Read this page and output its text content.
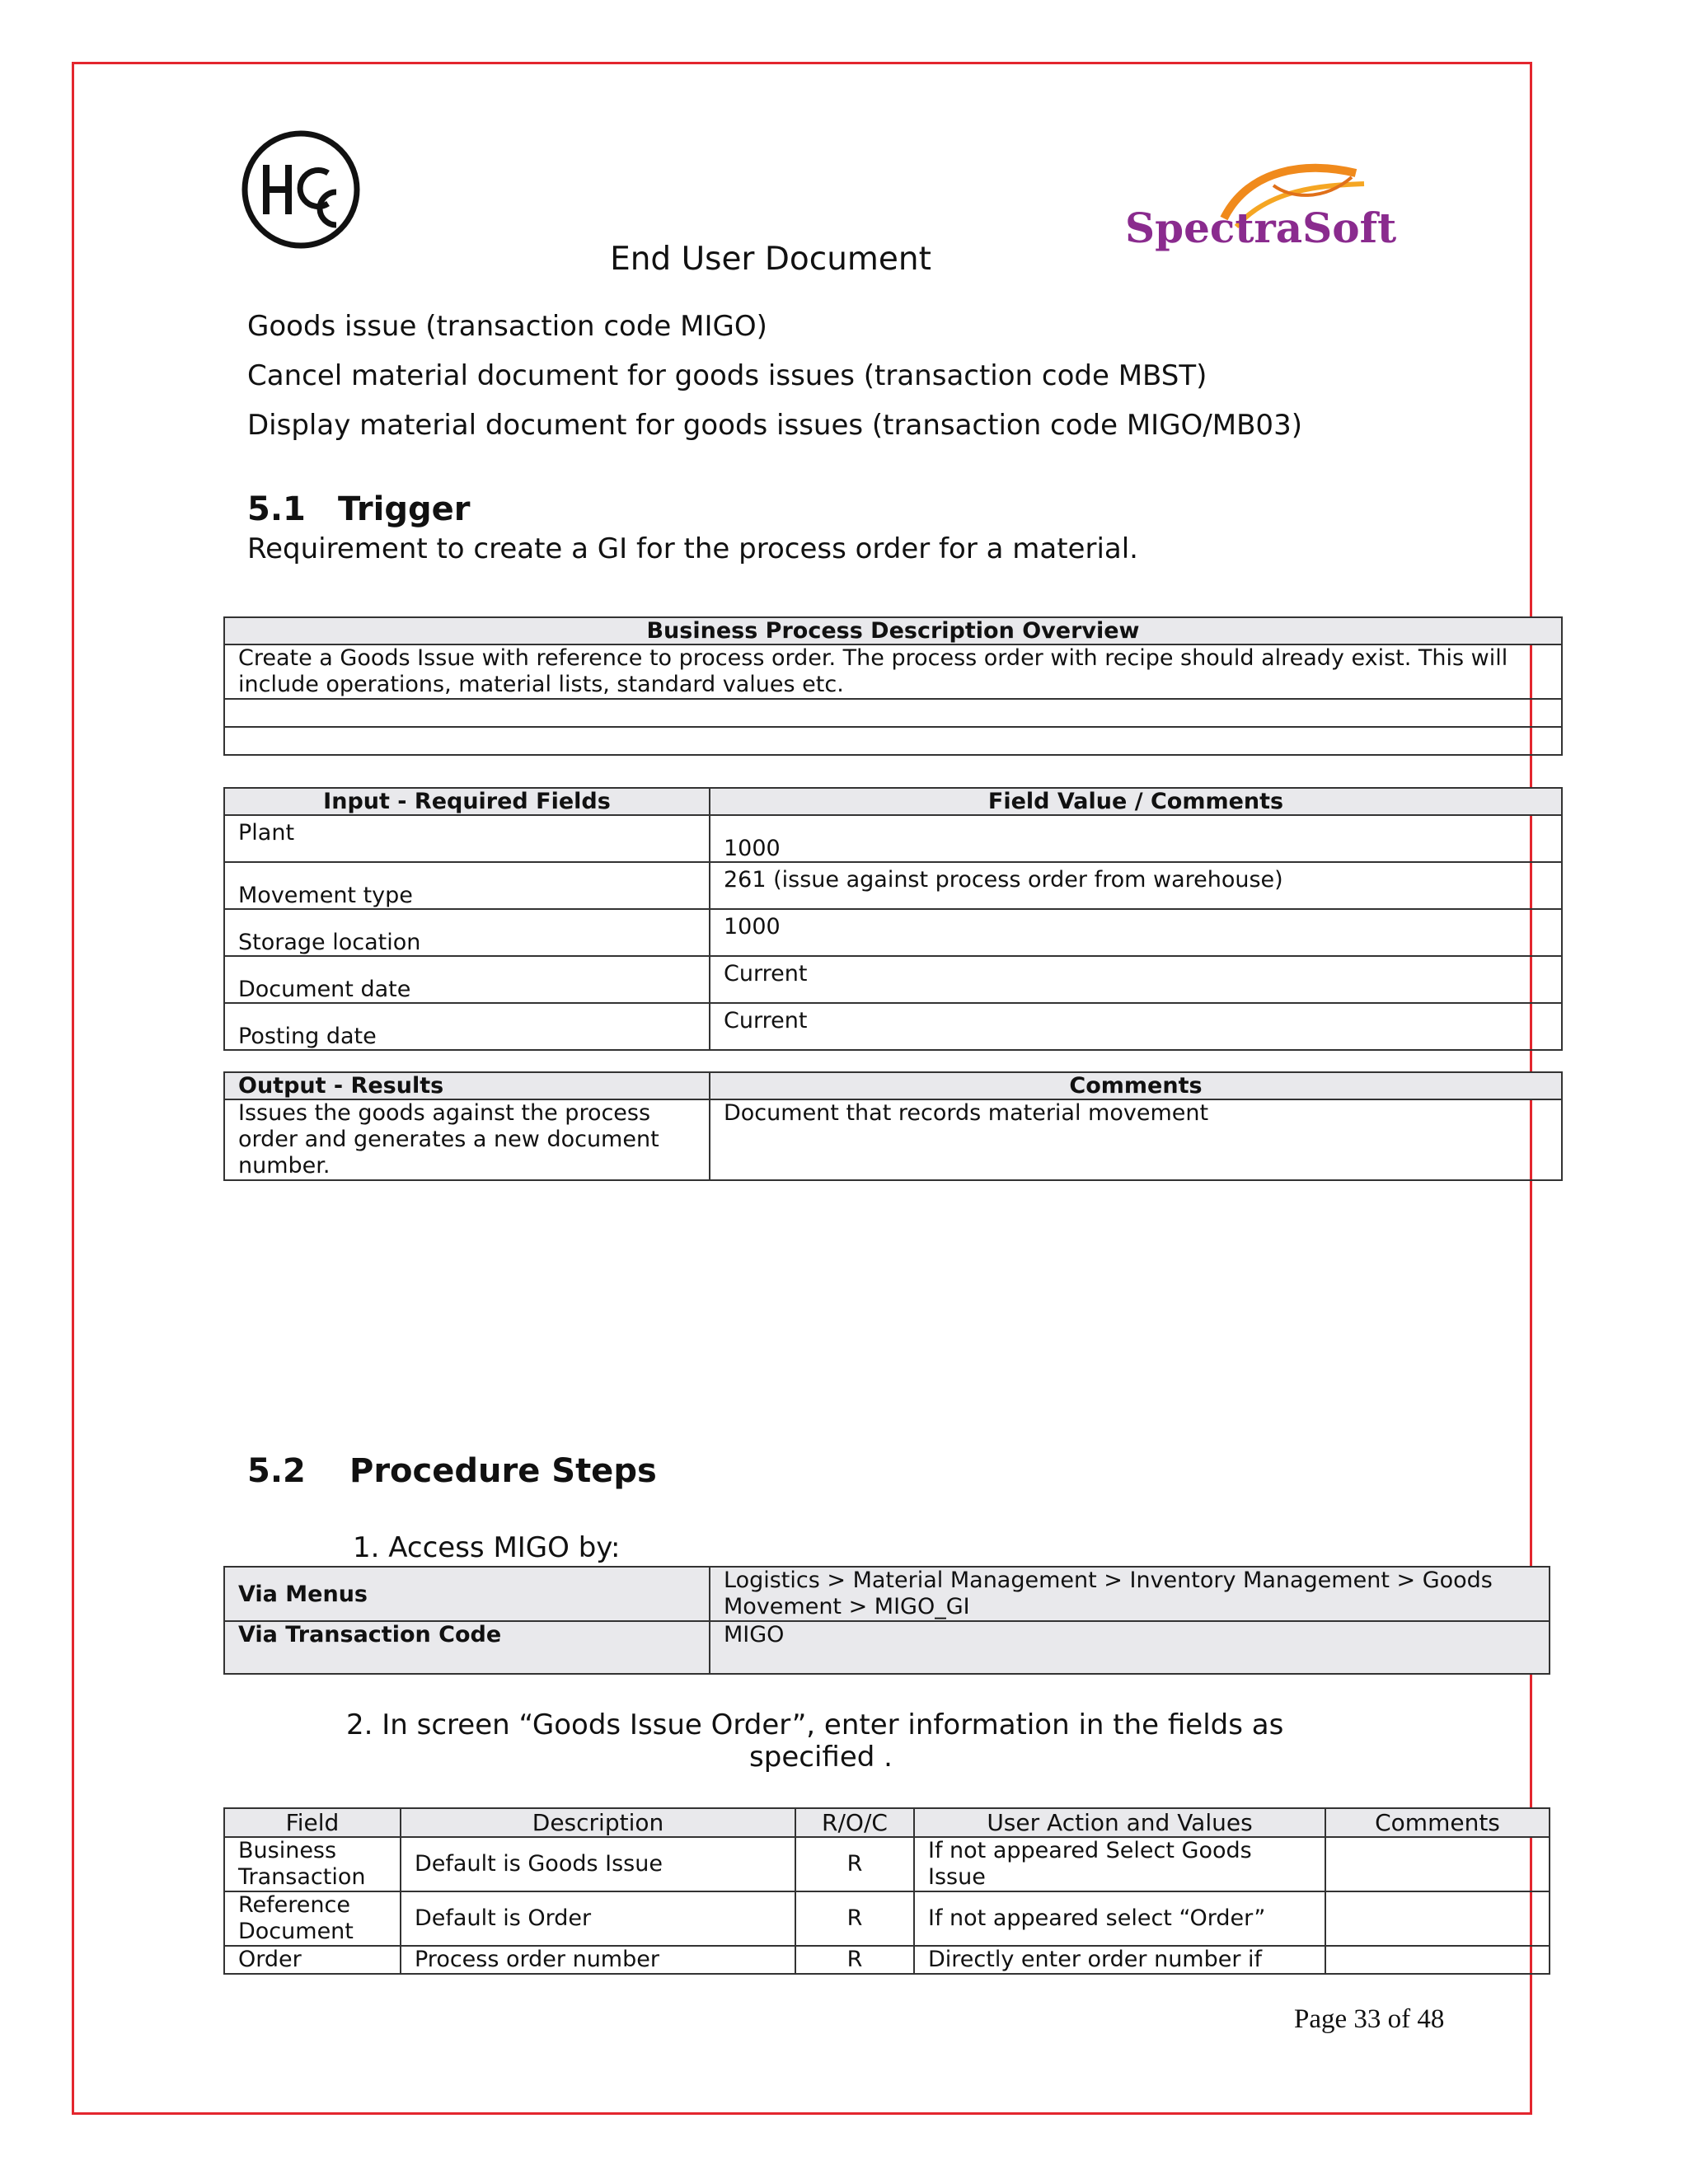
SpectraSoft
End User Document
Goods issue (transaction code MIGO)
Cancel material document for goods issues (transaction code MBST)
Display material document for goods issues (transaction code MIGO/MB03)
5.1 Trigger
Requirement to create a GI for the process order for a material.
Business Process Description Overview
Create a Goods Issue with reference to process order. The process order with recipe should already exist. This will include operations, material lists, standard values etc.

Input - Required Fields	Field Value / Comments
Plant	1000
Movement type	261 (issue against process order from warehouse)
Storage location	1000
Document date	Current
Posting date	Current
Output - Results	Comments
Issues the goods against the process order and generates a new document number.	Document that records material movement
5.2 Procedure Steps
1. Access MIGO by:
Via Menus	Logistics > Material Management > Inventory Management > Goods Movement > MIGO_GI
Via Transaction Code	MIGO
2. In screen “Goods Issue Order”, enter information in the fields as
specified .
Field	Description	R/O/C	User Action and Values	Comments
Business Transaction	Default is Goods Issue	R	If not appeared Select Goods Issue	
Reference Document	Default is Order	R	If not appeared select “Order”	
Order	Process order number	R	Directly enter order number if	
Page 33 of 48
